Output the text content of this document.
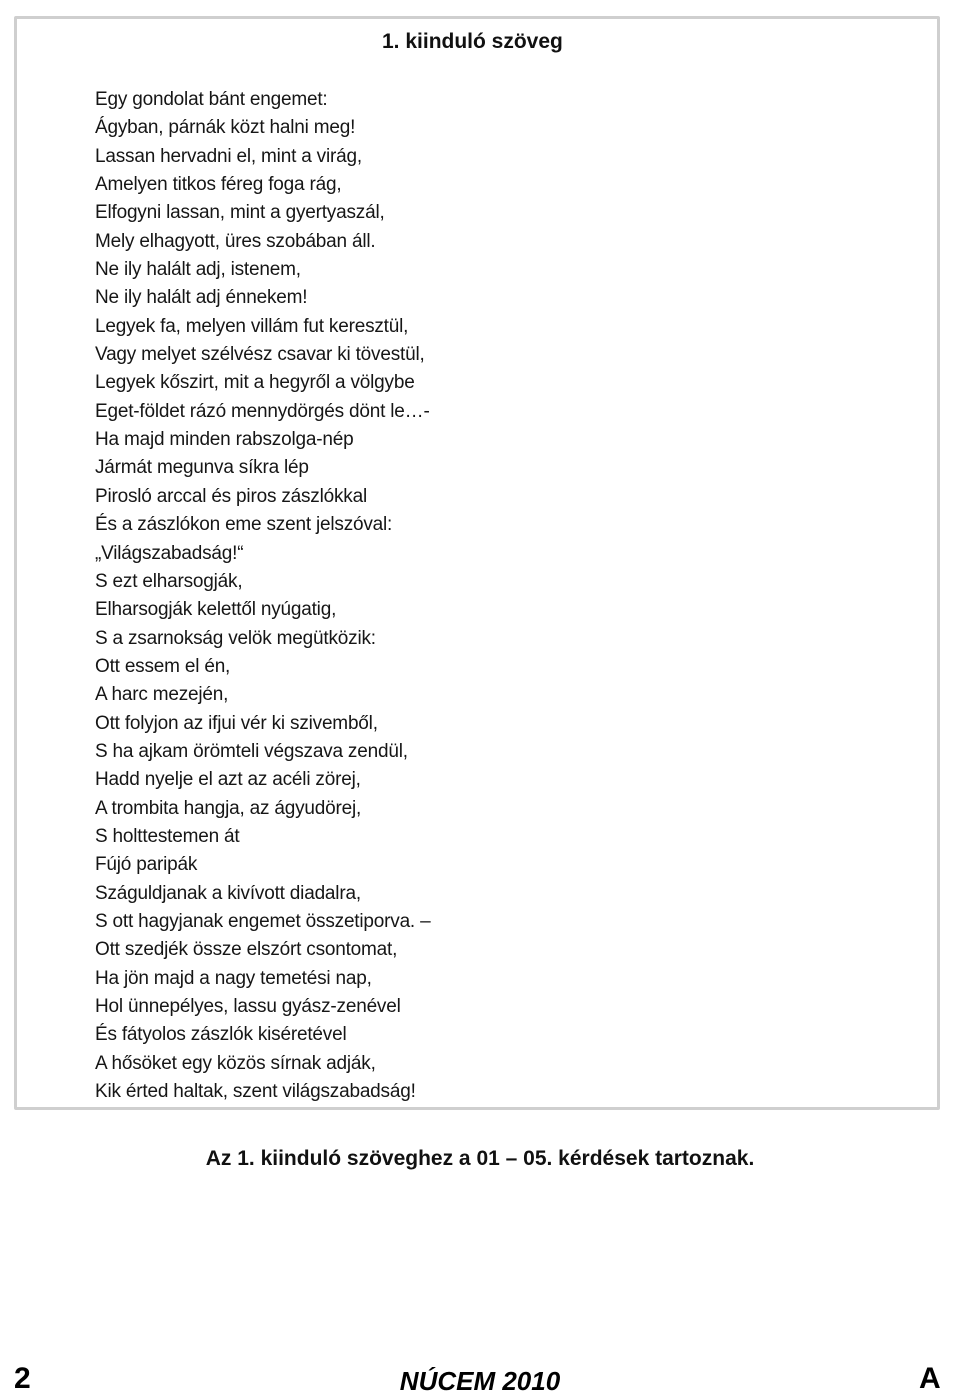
1. kiinduló szöveg
Egy gondolat bánt engemet:
Ágyban, párnák közt halni meg!
Lassan hervadni el, mint a virág,
Amelyen titkos féreg foga rág,
Elfogyni lassan, mint a gyertyaszál,
Mely elhagyott, üres szobában áll.
Ne ily halált adj, istenem,
Ne ily halált adj énnekem!
Legyek fa, melyen villám fut keresztül,
Vagy melyet szélvész csavar ki tövestül,
Legyek kőszirt, mit a hegyről a völgybe
Eget-földet rázó mennydörgés dönt le…-
Ha majd minden rabszolga-nép
Jármát megunva síkra lép
Pirosló arccal és piros zászlókkal
És a zászlókon eme szent jelszóval:
„Világszabadság!“
S ezt elharsogják,
Elharsogják kelettől nyúgatig,
S a zsarnokság velök megütközik:
Ott essem el én,
A harc mezején,
Ott folyjon az ifjui vér ki szivemből,
S ha ajkam örömteli végszava zendül,
Hadd nyelje el azt az acéli zörej,
A trombita hangja, az ágyudörej,
S holttestemen át
Fújó paripák
Száguldjanak a kivívott diadalra,
S ott hagyjanak engemet összetiporva. –
Ott szedjék össze elszórt csontomat,
Ha jön majd a nagy temetési nap,
Hol ünnepélyes, lassu gyász-zenével
És fátyolos zászlók kiséretével
A hősöket egy közös sírnak adják,
Kik érted haltak, szent világszabadság!
Az 1. kiinduló szöveghez a 01 – 05. kérdések tartoznak.
2	NÚCEM 2010	A
